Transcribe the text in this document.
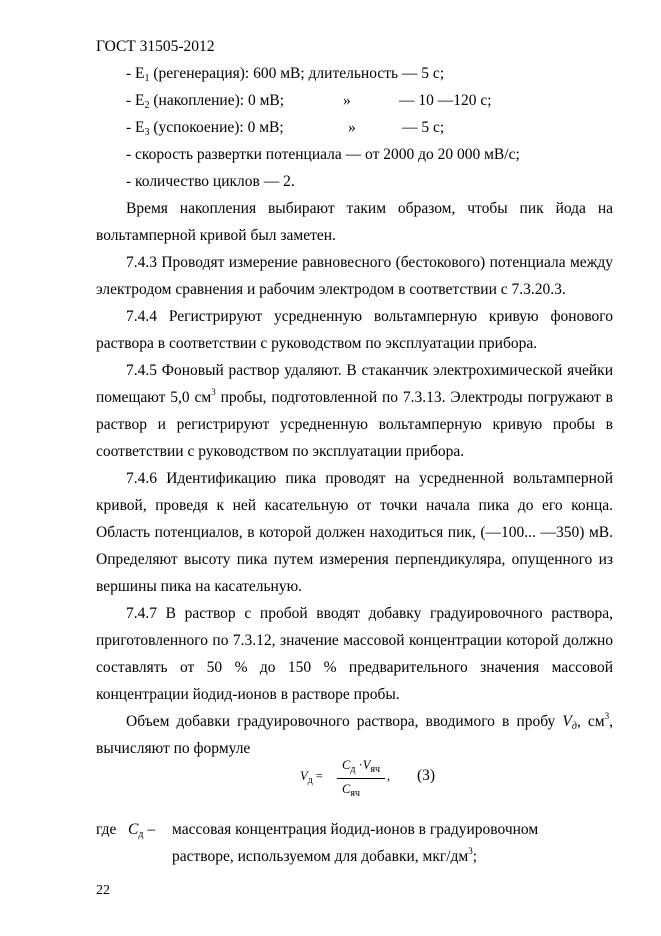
ГОСТ 31505-2012
- $E_1$ (регенерация): 600 мВ; длительность — 5 с;
- $E_2$ (накопление): 0 мВ;	»	— 10 —120 с;
- $E_3$ (успокоение): 0 мВ;	»	— 5 с;
- скорость развертки потенциала — от 2000 до 20 000 мВ/с;
- количество циклов — 2.
Время накопления выбирают таким образом, чтобы пик йода на
вольтамперной кривой был заметен.
7.4.3 Проводят измерение равновесного (бестокового) потенциала между
электродом сравнения и рабочим электродом в соответствии с 7.3.20.3.
7.4.4 Регистрируют усредненную вольтамперную кривую фонового
раствора в соответствии с руководством по эксплуатации прибора.
7.4.5 Фоновый раствор удаляют. В стаканчик электрохимической ячейки
помещают 5,0 $см^3$ пробы, подготовленной по 7.3.13. Электроды погружают в
раствор и регистрируют усредненную вольтамперную кривую пробы в
соответствии с руководством по эксплуатации прибора.
7.4.6 Идентификацию пика проводят на усредненной вольтамперной
кривой, проведя к ней касательную от точки начала пика до его конца.
Область потенциалов, в которой должен находиться пик, (—100... —350) мВ.
Определяют высоту пика путем измерения перпендикуляра, опущенного из
вершины пика на касательную.
7.4.7 В раствор с пробой вводят добавку градуировочного раствора,
приготовленного по 7.3.12, значение массовой концентрации которой должно
составлять от 50 % до 150 % предварительного значения массовой
концентрации йодид-ионов в растворе пробы.
Объем добавки градуировочного раствора, вводимого в пробу $V_д$, $см^3$,
вычисляют по формуле
$V_д$ =
$C_д \cdot V_{яч}$
$C_{яч}$
, (3)
где $C_д$ – массовая концентрация йодид-ионов в градуировочном
растворе, используемом для добавки, мкг/$дм^3$;
22
